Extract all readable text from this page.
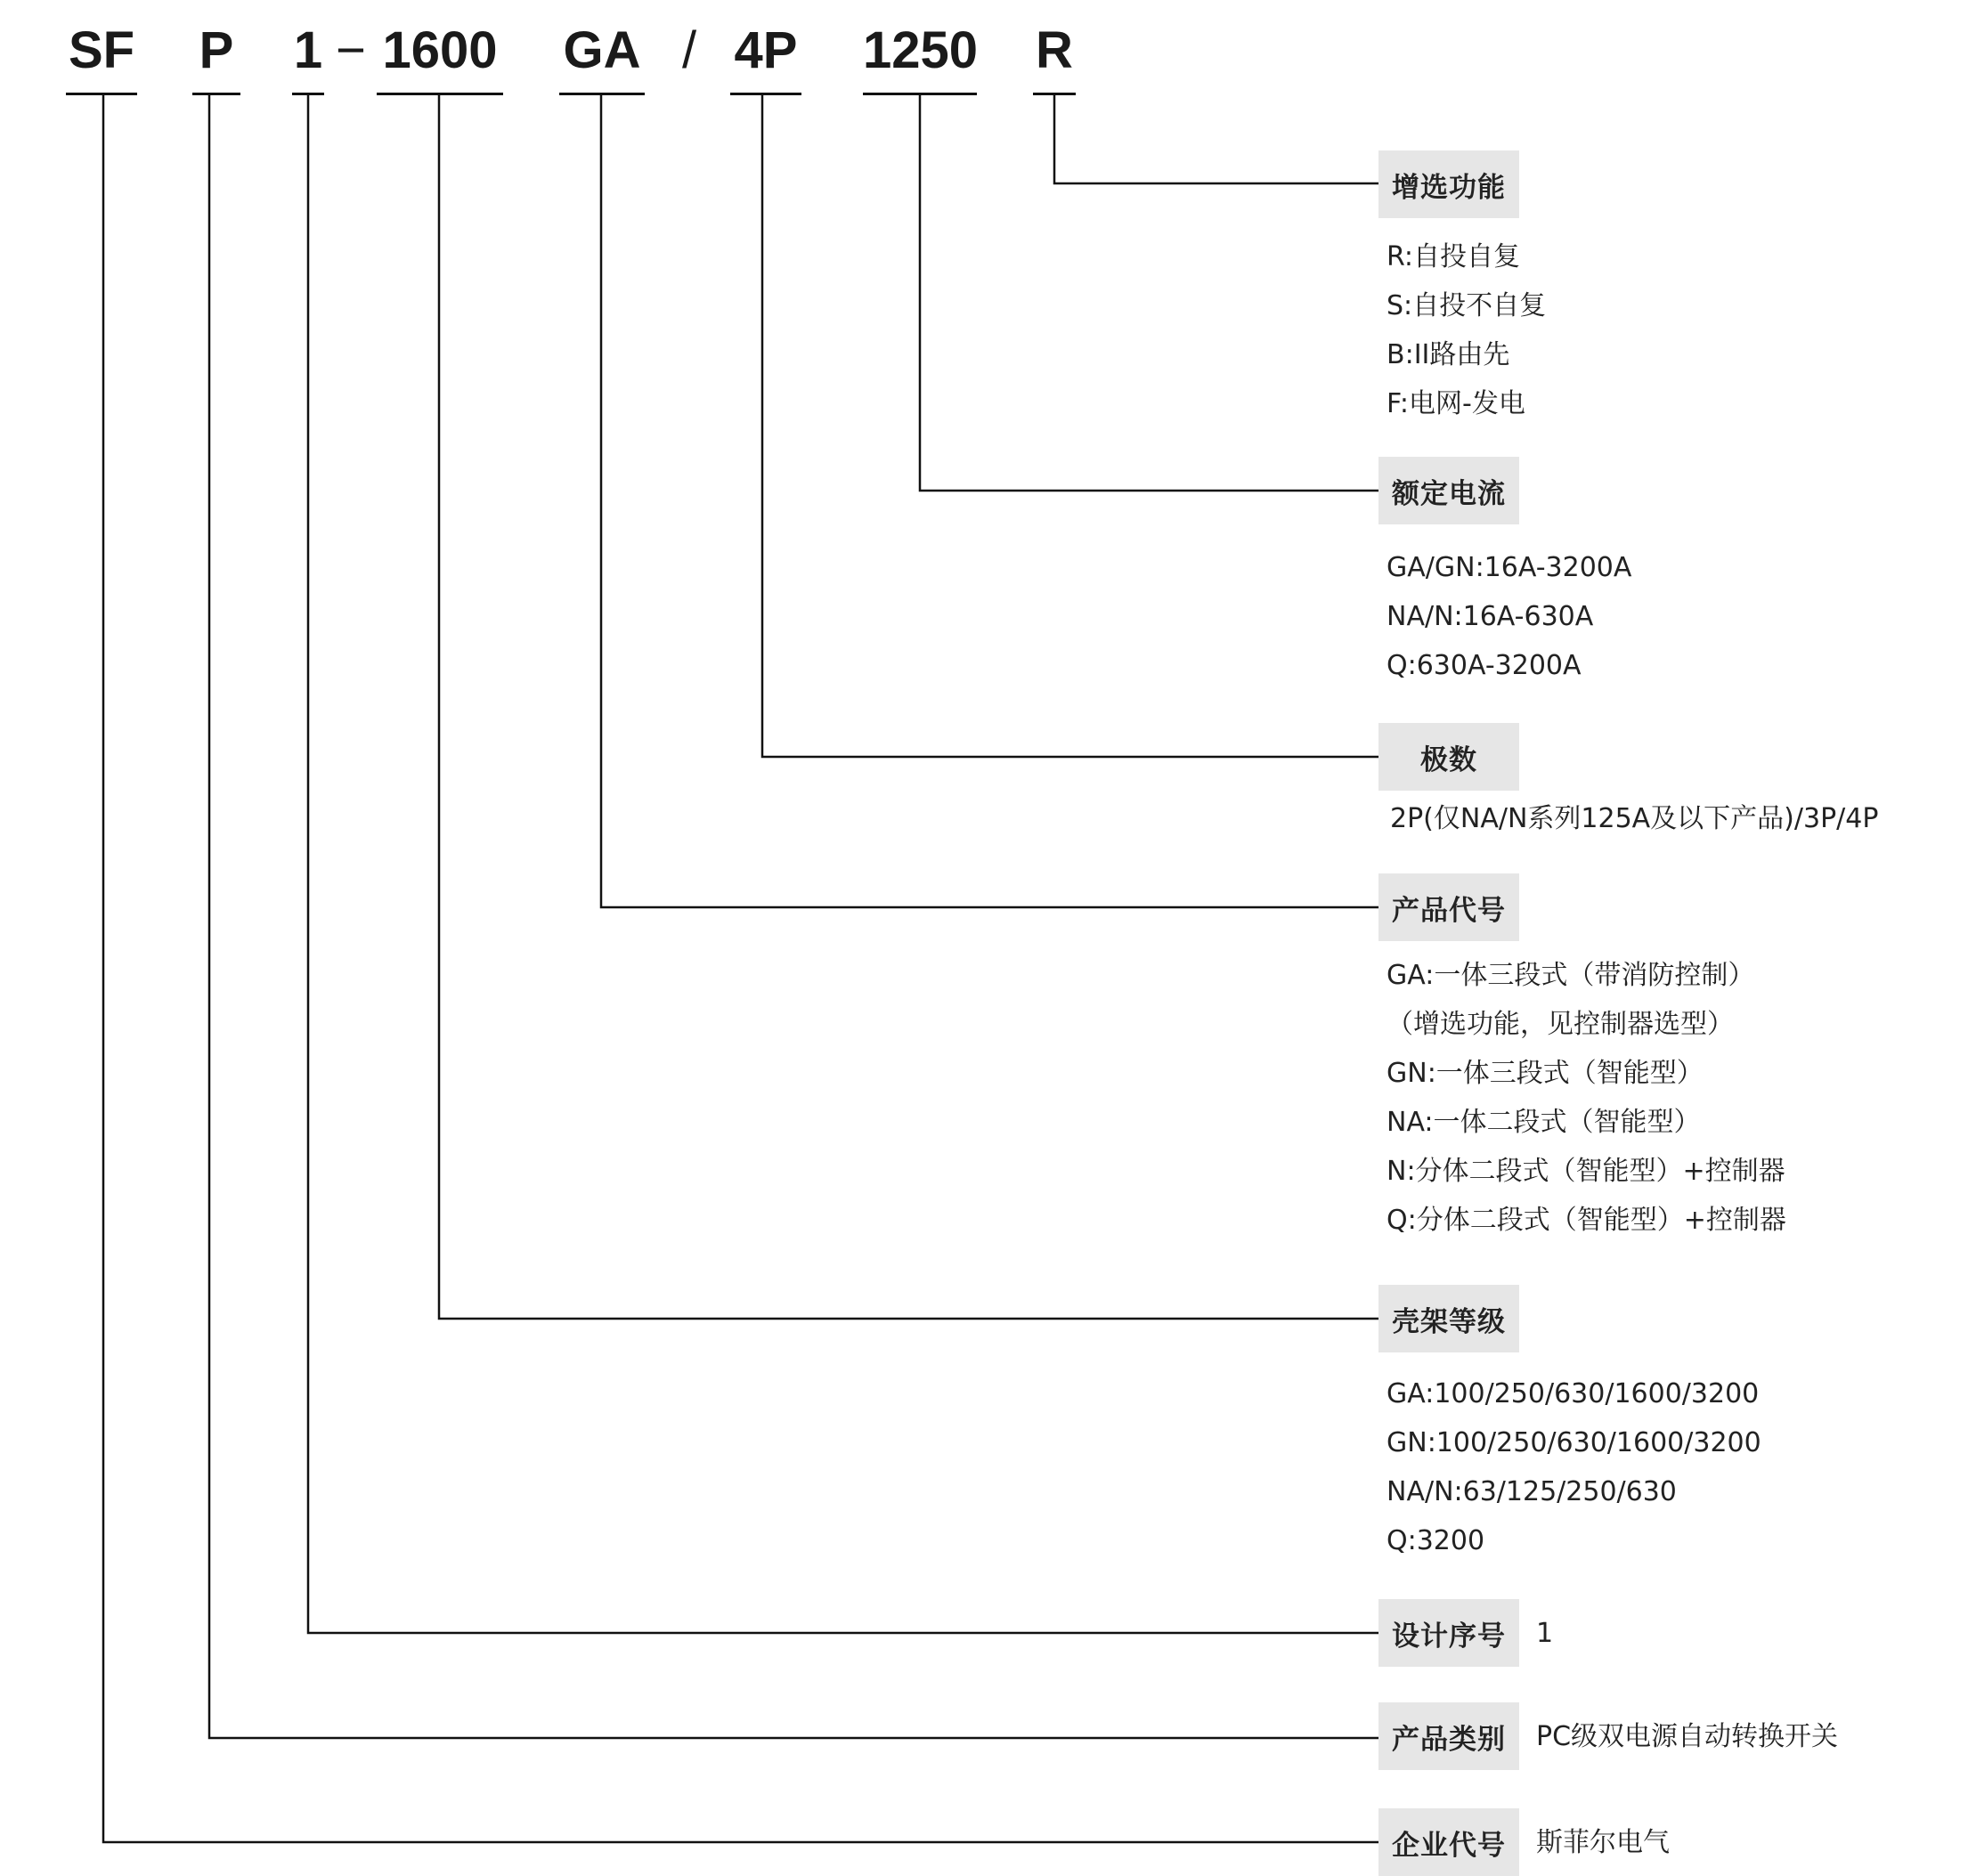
SF P 1 − 1600 GA / 4P 1250 R
增选功能
R:自投自复
S:自投不自复
B:II路由先
F:电网-发电
额定电流
GA/GN:16A-3200A
NA/N:16A-630A
Q:630A-3200A
极数
2P(仅NA/N系列125A及以下产品)/3P/4P
产品代号
GA:一体三段式（带消防控制）
（增选功能，见控制器选型）
GN:一体三段式（智能型）
NA:一体二段式（智能型）
N:分体二段式（智能型）+控制器
Q:分体二段式（智能型）+控制器
壳架等级
GA:100/250/630/1600/3200
GN:100/250/630/1600/3200
NA/N:63/125/250/630
Q:3200
设计序号	1
产品类别	PC级双电源自动转换开关
企业代号	斯菲尔电气
